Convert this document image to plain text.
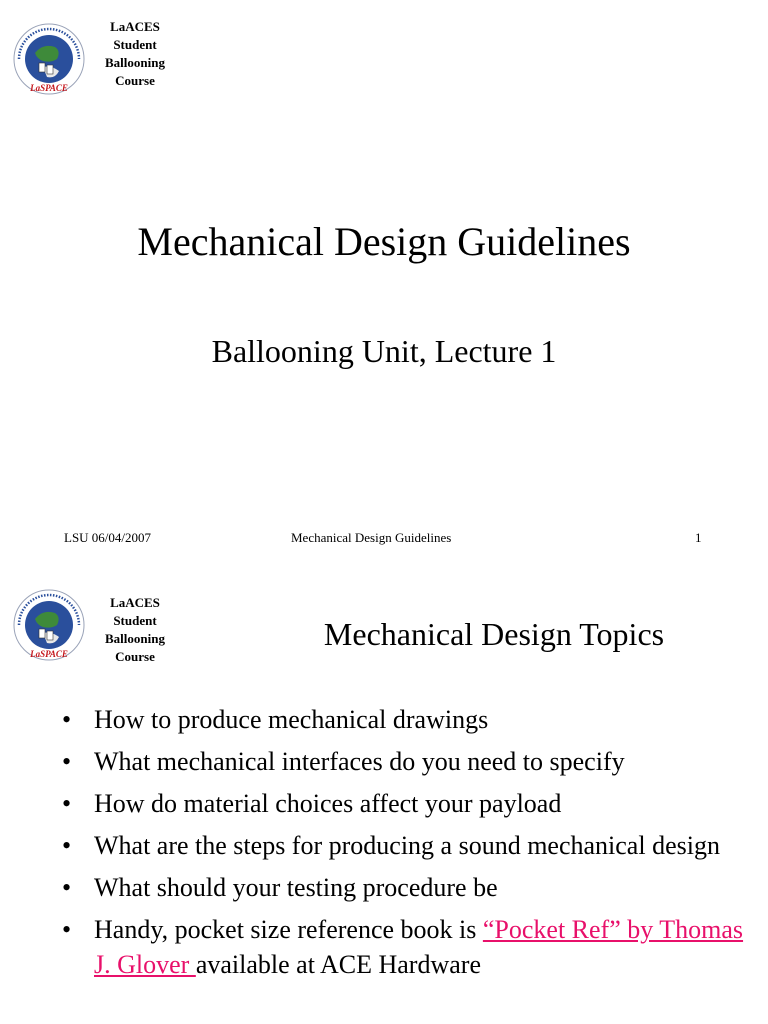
LaSPACE
LaACES
Student
Ballooning
Course
Mechanical Design Guidelines
Ballooning Unit, Lecture 1
LSU 06/04/2007	Mechanical Design Guidelines	1
LaSPACE
LaACES
Student
Ballooning
Course
Mechanical Design Topics
• How to produce mechanical drawings
• What mechanical interfaces do you need to specify
• How do material choices affect your payload
• What are the steps for producing a sound mechanical design
• What should your testing procedure be
• Handy, pocket size reference book is “Pocket Ref” by Thomas J. Glover available at ACE Hardware
